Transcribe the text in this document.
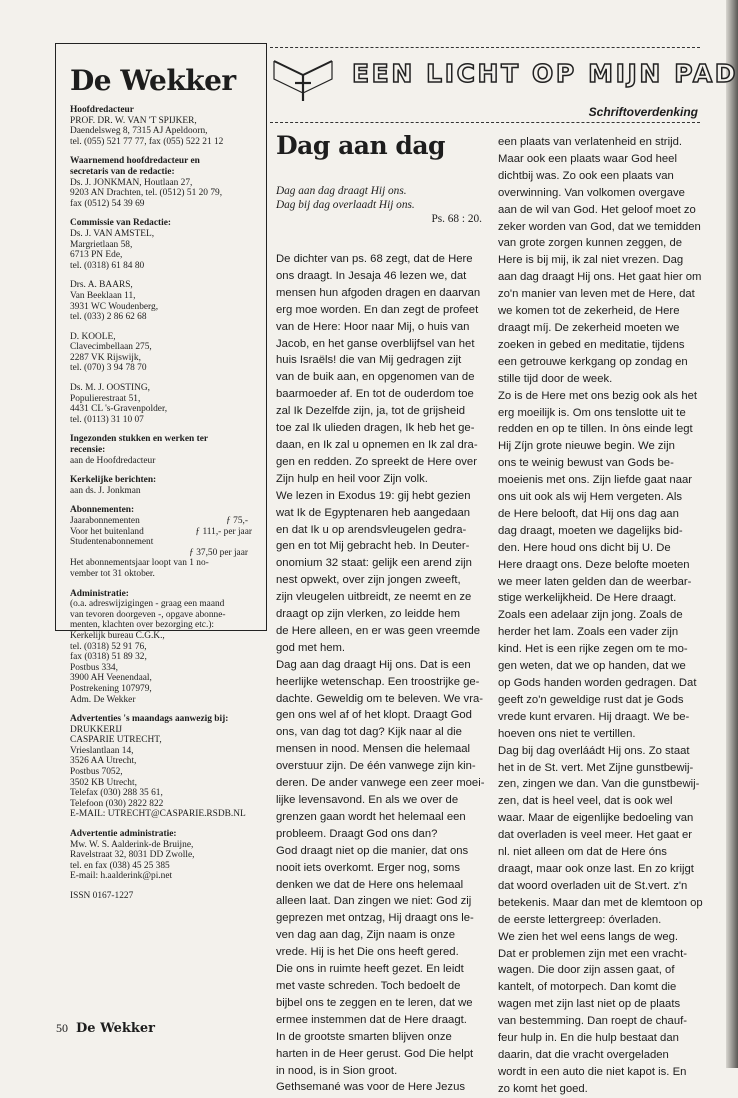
De Wekker
Hoofdredacteur
PROF. DR. W. VAN 'T SPIJKER,
Daendelsweg 8, 7315 AJ Apeldoorn,
tel. (055) 521 77 77, fax (055) 522 21 12
Waarnemend hoofdredacteur en
secretaris van de redactie:
Ds. J. JONKMAN, Houtlaan 27,
9203 AN Drachten, tel. (0512) 51 20 79,
fax (0512) 54 39 69
Commissie van Redactie:
Ds. J. VAN AMSTEL,
Margrietlaan 58,
6713 PN Ede,
tel. (0318) 61 84 80
Drs. A. BAARS,
Van Beeklaan 11,
3931 WC Woudenberg,
tel. (033) 2 86 62 68
D. KOOLE,
Clavecimbellaan 275,
2287 VK Rijswijk,
tel. (070) 3 94 78 70
Ds. M. J. OOSTING,
Populierestraat 51,
4431 CL 's-Gravenpolder,
tel. (0113) 31 10 07
Ingezonden stukken en werken ter
recensie:
aan de Hoofdredacteur
Kerkelijke berichten:
aan ds. J. Jonkman
Abonnementen:
Jaarabonnementen	ƒ 75,-
Voor het buitenland	ƒ 111,- per jaar
Studentenabonnement
ƒ 37,50 per jaar
Het abonnementsjaar loopt van 1 no-
vember tot 31 oktober.
Administratie:
(o.a. adreswijzigingen - graag een maand
van tevoren doorgeven -, opgave abonne-
menten, klachten over bezorging etc.):
Kerkelijk bureau C.G.K.,
tel. (0318) 52 91 76,
fax (0318) 51 89 32,
Postbus 334,
3900 AH Veenendaal,
Postrekening 107979,
Adm. De Wekker
Advertenties 's maandags aanwezig bij:
DRUKKERIJ
CASPARIE UTRECHT,
Vrieslantlaan 14,
3526 AA Utrecht,
Postbus 7052,
3502 KB Utrecht,
Telefax (030) 288 35 61,
Telefoon (030) 2822 822
E-MAIL: UTRECHT@CASPARIE.RSDB.NL
Advertentie administratie:
Mw. W. S. Aalderink-de Bruijne,
Ravelstraat 32, 8031 DD Zwolle,
tel. en fax (038) 45 25 385
E-mail: h.aalderink@pi.net
ISSN 0167-1227
EEN LICHT OP MIJN PAD
Schriftoverdenking
Dag aan dag
Dag aan dag draagt Hij ons.
Dag bij dag overlaadt Hij ons.
Ps. 68 : 20.
De dichter van ps. 68 zegt, dat de Here
ons draagt. In Jesaja 46 lezen we, dat
mensen hun afgoden dragen en daarvan
erg moe worden. En dan zegt de profeet
van de Here: Hoor naar Mij, o huis van
Jacob, en het ganse overblijfsel van het
huis Israëls! die van Mij gedragen zijt
van de buik aan, en opgenomen van de
baarmoeder af. En tot de ouderdom toe
zal Ik Dezelfde zijn, ja, tot de grijsheid
toe zal Ik ulieden dragen, Ik heb het ge-
daan, en Ik zal u opnemen en Ik zal dra-
gen en redden. Zo spreekt de Here over
Zijn hulp en heil voor Zijn volk.
We lezen in Exodus 19: gij hebt gezien
wat Ik de Egyptenaren heb aangedaan
en dat Ik u op arendsvleugelen gedra-
gen en tot Mij gebracht heb. In Deuter-
onomium 32 staat: gelijk een arend zijn
nest opwekt, over zijn jongen zweeft,
zijn vleugelen uitbreidt, ze neemt en ze
draagt op zijn vlerken, zo leidde hem
de Here alleen, en er was geen vreemde
god met hem.
Dag aan dag draagt Hij ons. Dat is een
heerlijke wetenschap. Een troostrijke ge-
dachte. Geweldig om te beleven. We vra-
gen ons wel af of het klopt. Draagt God
ons, van dag tot dag? Kijk naar al die
mensen in nood. Mensen die helemaal
overstuur zijn. De één vanwege zijn kin-
deren. De ander vanwege een zeer moei-
lijke levensavond. En als we over de
grenzen gaan wordt het helemaal een
probleem. Draagt God ons dan?
God draagt niet op die manier, dat ons
nooit iets overkomt. Erger nog, soms
denken we dat de Here ons helemaal
alleen laat. Dan zingen we niet: God zij
geprezen met ontzag, Hij draagt ons le-
ven dag aan dag, Zijn naam is onze
vrede. Hij is het Die ons heeft gered.
Die ons in ruimte heeft gezet. En leidt
met vaste schreden. Toch bedoelt de
bijbel ons te zeggen en te leren, dat we
ermee instemmen dat de Here draagt.
In de grootste smarten blijven onze
harten in de Heer gerust. God Die helpt
in nood, is in Sion groot.
Gethsemané was voor de Here Jezus
een plaats van verlatenheid en strijd.
Maar ook een plaats waar God heel
dichtbij was. Zo ook een plaats van
overwinning. Van volkomen overgave
aan de wil van God. Het geloof moet zo
zeker worden van God, dat we temidden
van grote zorgen kunnen zeggen, de
Here is bij mij, ik zal niet vrezen. Dag
aan dag draagt Hij ons. Het gaat hier om
zo'n manier van leven met de Here, dat
we komen tot de zekerheid, de Here
draagt míj. De zekerheid moeten we
zoeken in gebed en meditatie, tijdens
een getrouwe kerkgang op zondag en
stille tijd door de week.
Zo is de Here met ons bezig ook als het
erg moeilijk is. Om ons tenslotte uit te
redden en op te tillen. In òns einde legt
Hij Zíjn grote nieuwe begin. We zijn
ons te weinig bewust van Gods be-
moeienis met ons. Zijn liefde gaat naar
ons uit ook als wij Hem vergeten. Als
de Here belooft, dat Hij ons dag aan
dag draagt, moeten we dagelijks bid-
den. Here houd ons dicht bij U. De
Here draagt ons. Deze belofte moeten
we meer laten gelden dan de weerbar-
stige werkelijkheid. De Here draagt.
Zoals een adelaar zijn jong. Zoals de
herder het lam. Zoals een vader zijn
kind. Het is een rijke zegen om te mo-
gen weten, dat we op handen, dat we
op Gods handen worden gedragen. Dat
geeft zo'n geweldige rust dat je Gods
vrede kunt ervaren. Hij draagt. We be-
hoeven ons niet te vertillen.
Dag bij dag overláádt Hij ons. Zo staat
het in de St. vert. Met Zijne gunstbewij-
zen, zingen we dan. Van die gunstbewij-
zen, dat is heel veel, dat is ook wel
waar. Maar de eigenlijke bedoeling van
dat overladen is veel meer. Het gaat er
nl. niet alleen om dat de Here óns
draagt, maar ook onze last. En zo krijgt
dat woord overladen uit de St.vert. z'n
betekenis. Maar dan met de klemtoon op
de eerste lettergreep: óverladen.
We zien het wel eens langs de weg.
Dat er problemen zijn met een vracht-
wagen. Die door zijn assen gaat, of
kantelt, of motorpech. Dan komt die
wagen met zijn last niet op de plaats
van bestemming. Dan roept de chauf-
feur hulp in. En die hulp bestaat dan
daarin, dat die vracht overgeladen
wordt in een auto die niet kapot is. En
zo komt het goed.
50 De Wekker
